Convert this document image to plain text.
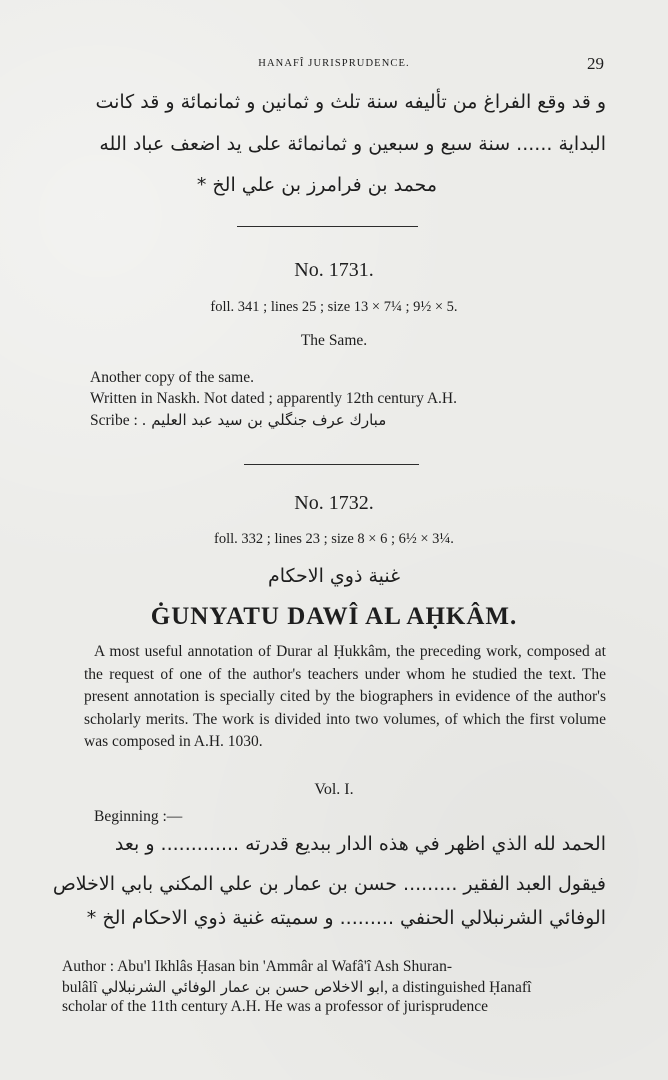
HANAFÎ JURISPRUDENCE.	29
و قد وقع الفراغ من تأليفه سنة تلث و ثمانين و ثمانمائة و قد كانت
البداية ...... سنة سبع و سبعين و ثمانمائة على يد اضعف عباد الله
محمد بن فرامرز بن علي الخ *
No. 1731.
foll. 341 ; lines 25 ; size 13 × 7¼ ; 9½ × 5.
The Same.
Another copy of the same.
Written in Naskh. Not dated ; apparently 12th century A.H.
Scribe : مبارك عرف جنگلي بن سيد عبد العليم .
No. 1732.
foll. 332 ; lines 23 ; size 8 × 6 ; 6½ × 3¼.
غنية ذوي الاحكام
ĠUNYATU DAWÎ AL AḤKÂM.
A most useful annotation of Durar al Ḥukkâm, the preceding work, composed at the request of one of the author's teachers under whom he studied the text. The present annotation is specially cited by the biographers in evidence of the author's scholarly merits. The work is divided into two volumes, of which the first volume was composed in A.H. 1030.
Vol. I.
Beginning :—
الحمد لله الذي اظهر في هذه الدار ببديع قدرته ............. و بعد
فيقول العبد الفقير ......... حسن بن عمار بن علي المكني بابي الاخلاص
الوفائي الشرنبلالي الحنفي ......... و سميته غنية ذوي الاحكام الخ *
Author : Abu'l Ikhlâs Ḥasan bin 'Ammâr al Wafâ'î Ash Shuran-
bulâlî ابو الاخلاص حسن بن عمار الوفائي الشرنبلالي, a distinguished Ḥanafî
scholar of the 11th century A.H. He was a professor of jurisprudence
